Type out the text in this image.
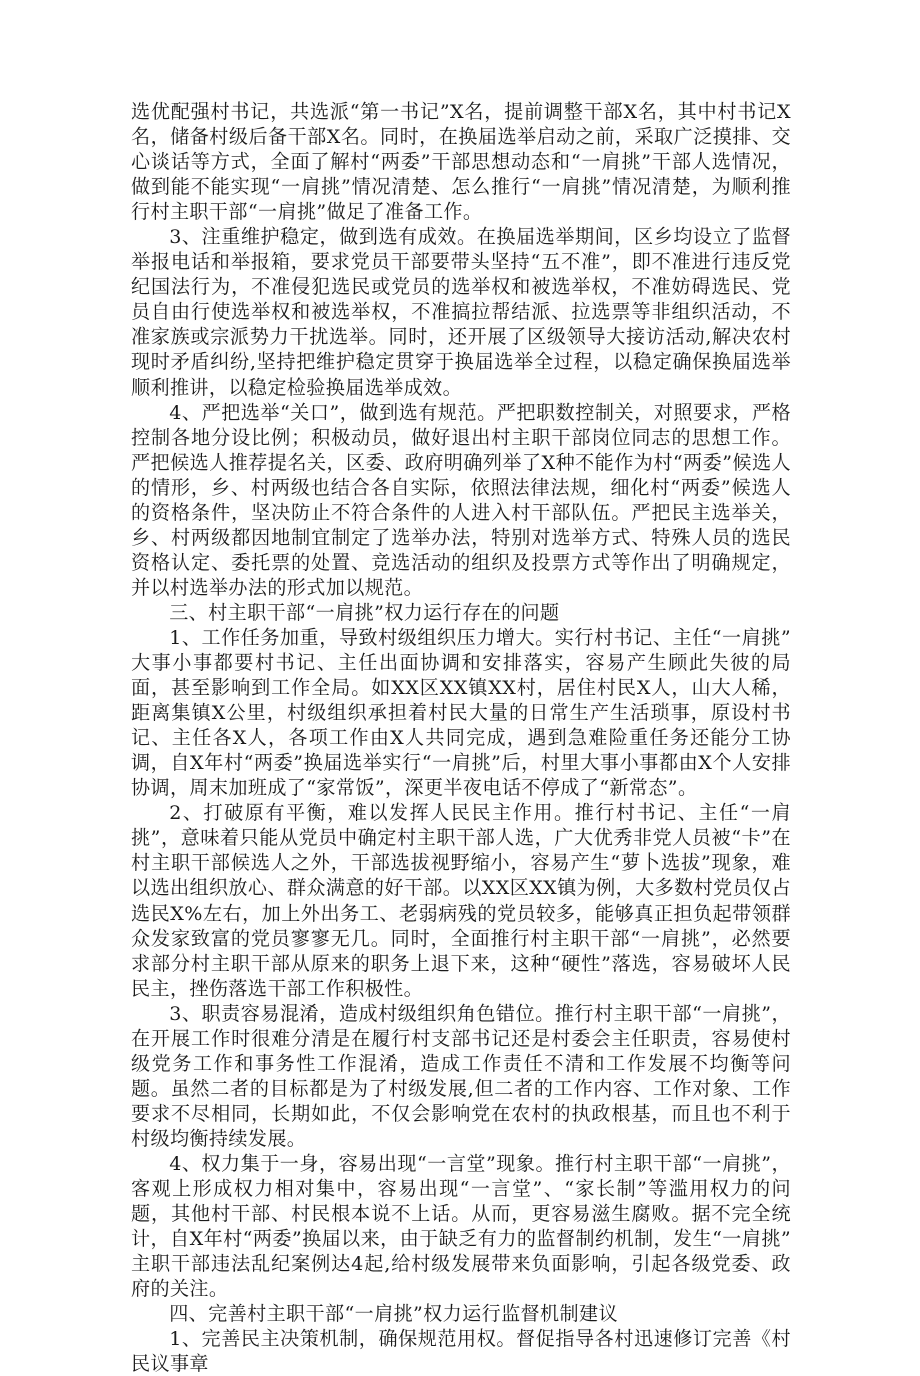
选优配强村书记，共选派“第一书记”X名，提前调整干部X名，其中村书记X名，储备村级后备干部X名。同时，在换届选举启动之前，采取广泛摸排、交心谈话等方式，全面了解村“两委”干部思想动态和“一肩挑”干部人选情况，做到能不能实现“一肩挑”情况清楚、怎么推行“一肩挑”情况清楚，为顺利推行村主职干部“一肩挑”做足了准备工作。

3、注重维护稳定，做到选有成效。在换届选举期间，区乡均设立了监督举报电话和举报箱，要求党员干部要带头坚持“五不准”，即不准进行违反党纪国法行为，不准侵犯选民或党员的选举权和被选举权，不准妨碍选民、党员自由行使选举权和被选举权，不准搞拉帮结派、拉选票等非组织活动，不准家族或宗派势力干扰选举。同时，还开展了区级领导大接访活动,解决农村现时矛盾纠纷,坚持把维护稳定贯穿于换届选举全过程，以稳定确保换届选举顺利推讲，以稳定检验换届选举成效。

4、严把选举“关口”，做到选有规范。严把职数控制关，对照要求，严格控制各地分设比例；积极动员，做好退出村主职干部岗位同志的思想工作。严把候选人推荐提名关，区委、政府明确列举了X种不能作为村“两委”候选人的情形，乡、村两级也结合各自实际，依照法律法规，细化村“两委”候选人的资格条件，坚决防止不符合条件的人进入村干部队伍。严把民主选举关，乡、村两级都因地制宜制定了选举办法，特别对选举方式、特殊人员的选民资格认定、委托票的处置、竞选活动的组织及投票方式等作出了明确规定，并以村选举办法的形式加以规范。

三、村主职干部“一肩挑”权力运行存在的问题

1、工作任务加重，导致村级组织压力增大。实行村书记、主任“一肩挑”大事小事都要村书记、主任出面协调和安排落实，容易产生顾此失彼的局面，甚至影响到工作全局。如XX区XX镇XX村，居住村民X人，山大人稀，距离集镇X公里，村级组织承担着村民大量的日常生产生活琐事，原设村书记、主任各X人，各项工作由X人共同完成，遇到急难险重任务还能分工协调，自X年村“两委”换届选举实行“一肩挑”后，村里大事小事都由X个人安排协调，周末加班成了“家常饭”，深更半夜电话不停成了“新常态”。

2、打破原有平衡，难以发挥人民民主作用。推行村书记、主任“一肩挑”，意味着只能从党员中确定村主职干部人选，广大优秀非党人员被“卡”在村主职干部候选人之外，干部选拔视野缩小，容易产生“萝卜选拔”现象，难以选出组织放心、群众满意的好干部。以XX区XX镇为例，大多数村党员仅占选民X%左右，加上外出务工、老弱病残的党员较多，能够真正担负起带领群众发家致富的党员寥寥无几。同时，全面推行村主职干部“一肩挑”，必然要求部分村主职干部从原来的职务上退下来，这种“硬性”落选，容易破坏人民民主，挫伤落选干部工作积极性。

3、职责容易混淆，造成村级组织角色错位。推行村主职干部“一肩挑”，在开展工作时很难分清是在履行村支部书记还是村委会主任职责，容易使村级党务工作和事务性工作混淆，造成工作责任不清和工作发展不均衡等问题。虽然二者的目标都是为了村级发展,但二者的工作内容、工作对象、工作要求不尽相同，长期如此，不仅会影响党在农村的执政根基，而且也不利于村级均衡持续发展。

4、权力集于一身，容易出现“一言堂”现象。推行村主职干部“一肩挑”，客观上形成权力相对集中，容易出现“一言堂”、“家长制”等滥用权力的问题，其他村干部、村民根本说不上话。从而，更容易滋生腐败。据不完全统计，自X年村“两委”换届以来，由于缺乏有力的监督制约机制，发生“一肩挑”主职干部违法乱纪案例达4起,给村级发展带来负面影响，引起各级党委、政府的关注。

四、完善村主职干部“一肩挑”权力运行监督机制建议

1、完善民主决策机制，确保规范用权。督促指导各村迅速修订完善《村民议事章
